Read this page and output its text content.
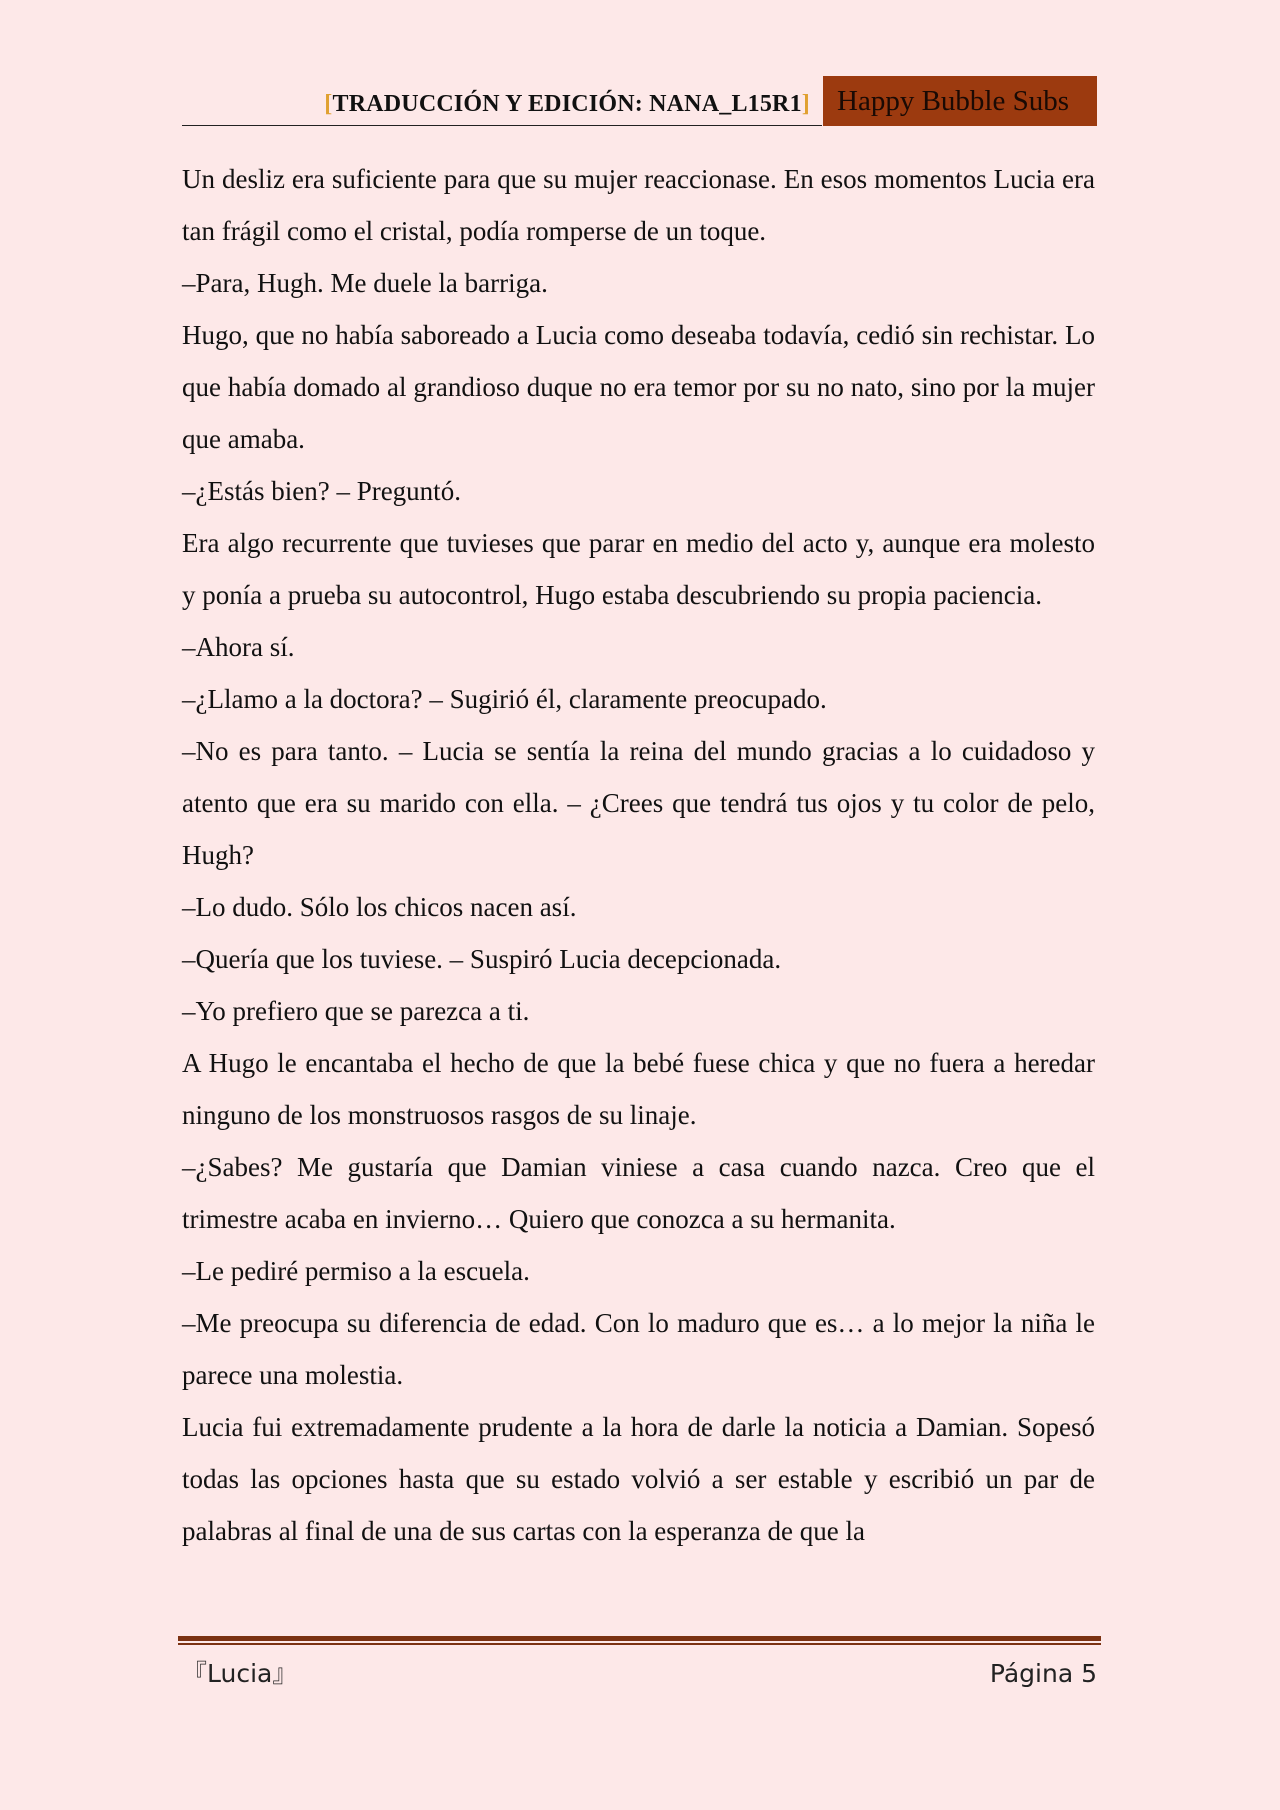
[TRADUCCIÓN Y EDICIÓN: NANA_L15R1] Happy Bubble Subs

Un desliz era suficiente para que su mujer reaccionase. En esos momentos Lucia era tan frágil como el cristal, podía romperse de un toque.

–Para, Hugh. Me duele la barriga.

Hugo, que no había saboreado a Lucia como deseaba todavía, cedió sin rechistar. Lo que había domado al grandioso duque no era temor por su no nato, sino por la mujer que amaba.

–¿Estás bien? – Preguntó.

Era algo recurrente que tuvieses que parar en medio del acto y, aunque era molesto y ponía a prueba su autocontrol, Hugo estaba descubriendo su propia paciencia.

–Ahora sí.

–¿Llamo a la doctora? – Sugirió él, claramente preocupado.

–No es para tanto. – Lucia se sentía la reina del mundo gracias a lo cuidadoso y atento que era su marido con ella. – ¿Crees que tendrá tus ojos y tu color de pelo, Hugh?

–Lo dudo. Sólo los chicos nacen así.

–Quería que los tuviese. – Suspiró Lucia decepcionada.

–Yo prefiero que se parezca a ti.

A Hugo le encantaba el hecho de que la bebé fuese chica y que no fuera a heredar ninguno de los monstruosos rasgos de su linaje.

–¿Sabes? Me gustaría que Damian viniese a casa cuando nazca. Creo que el trimestre acaba en invierno… Quiero que conozca a su hermanita.

–Le pediré permiso a la escuela.

–Me preocupa su diferencia de edad. Con lo maduro que es… a lo mejor la niña le parece una molestia.

Lucia fui extremadamente prudente a la hora de darle la noticia a Damian. Sopesó todas las opciones hasta que su estado volvió a ser estable y escribió un par de palabras al final de una de sus cartas con la esperanza de que la

『Lucia』	Página 5
